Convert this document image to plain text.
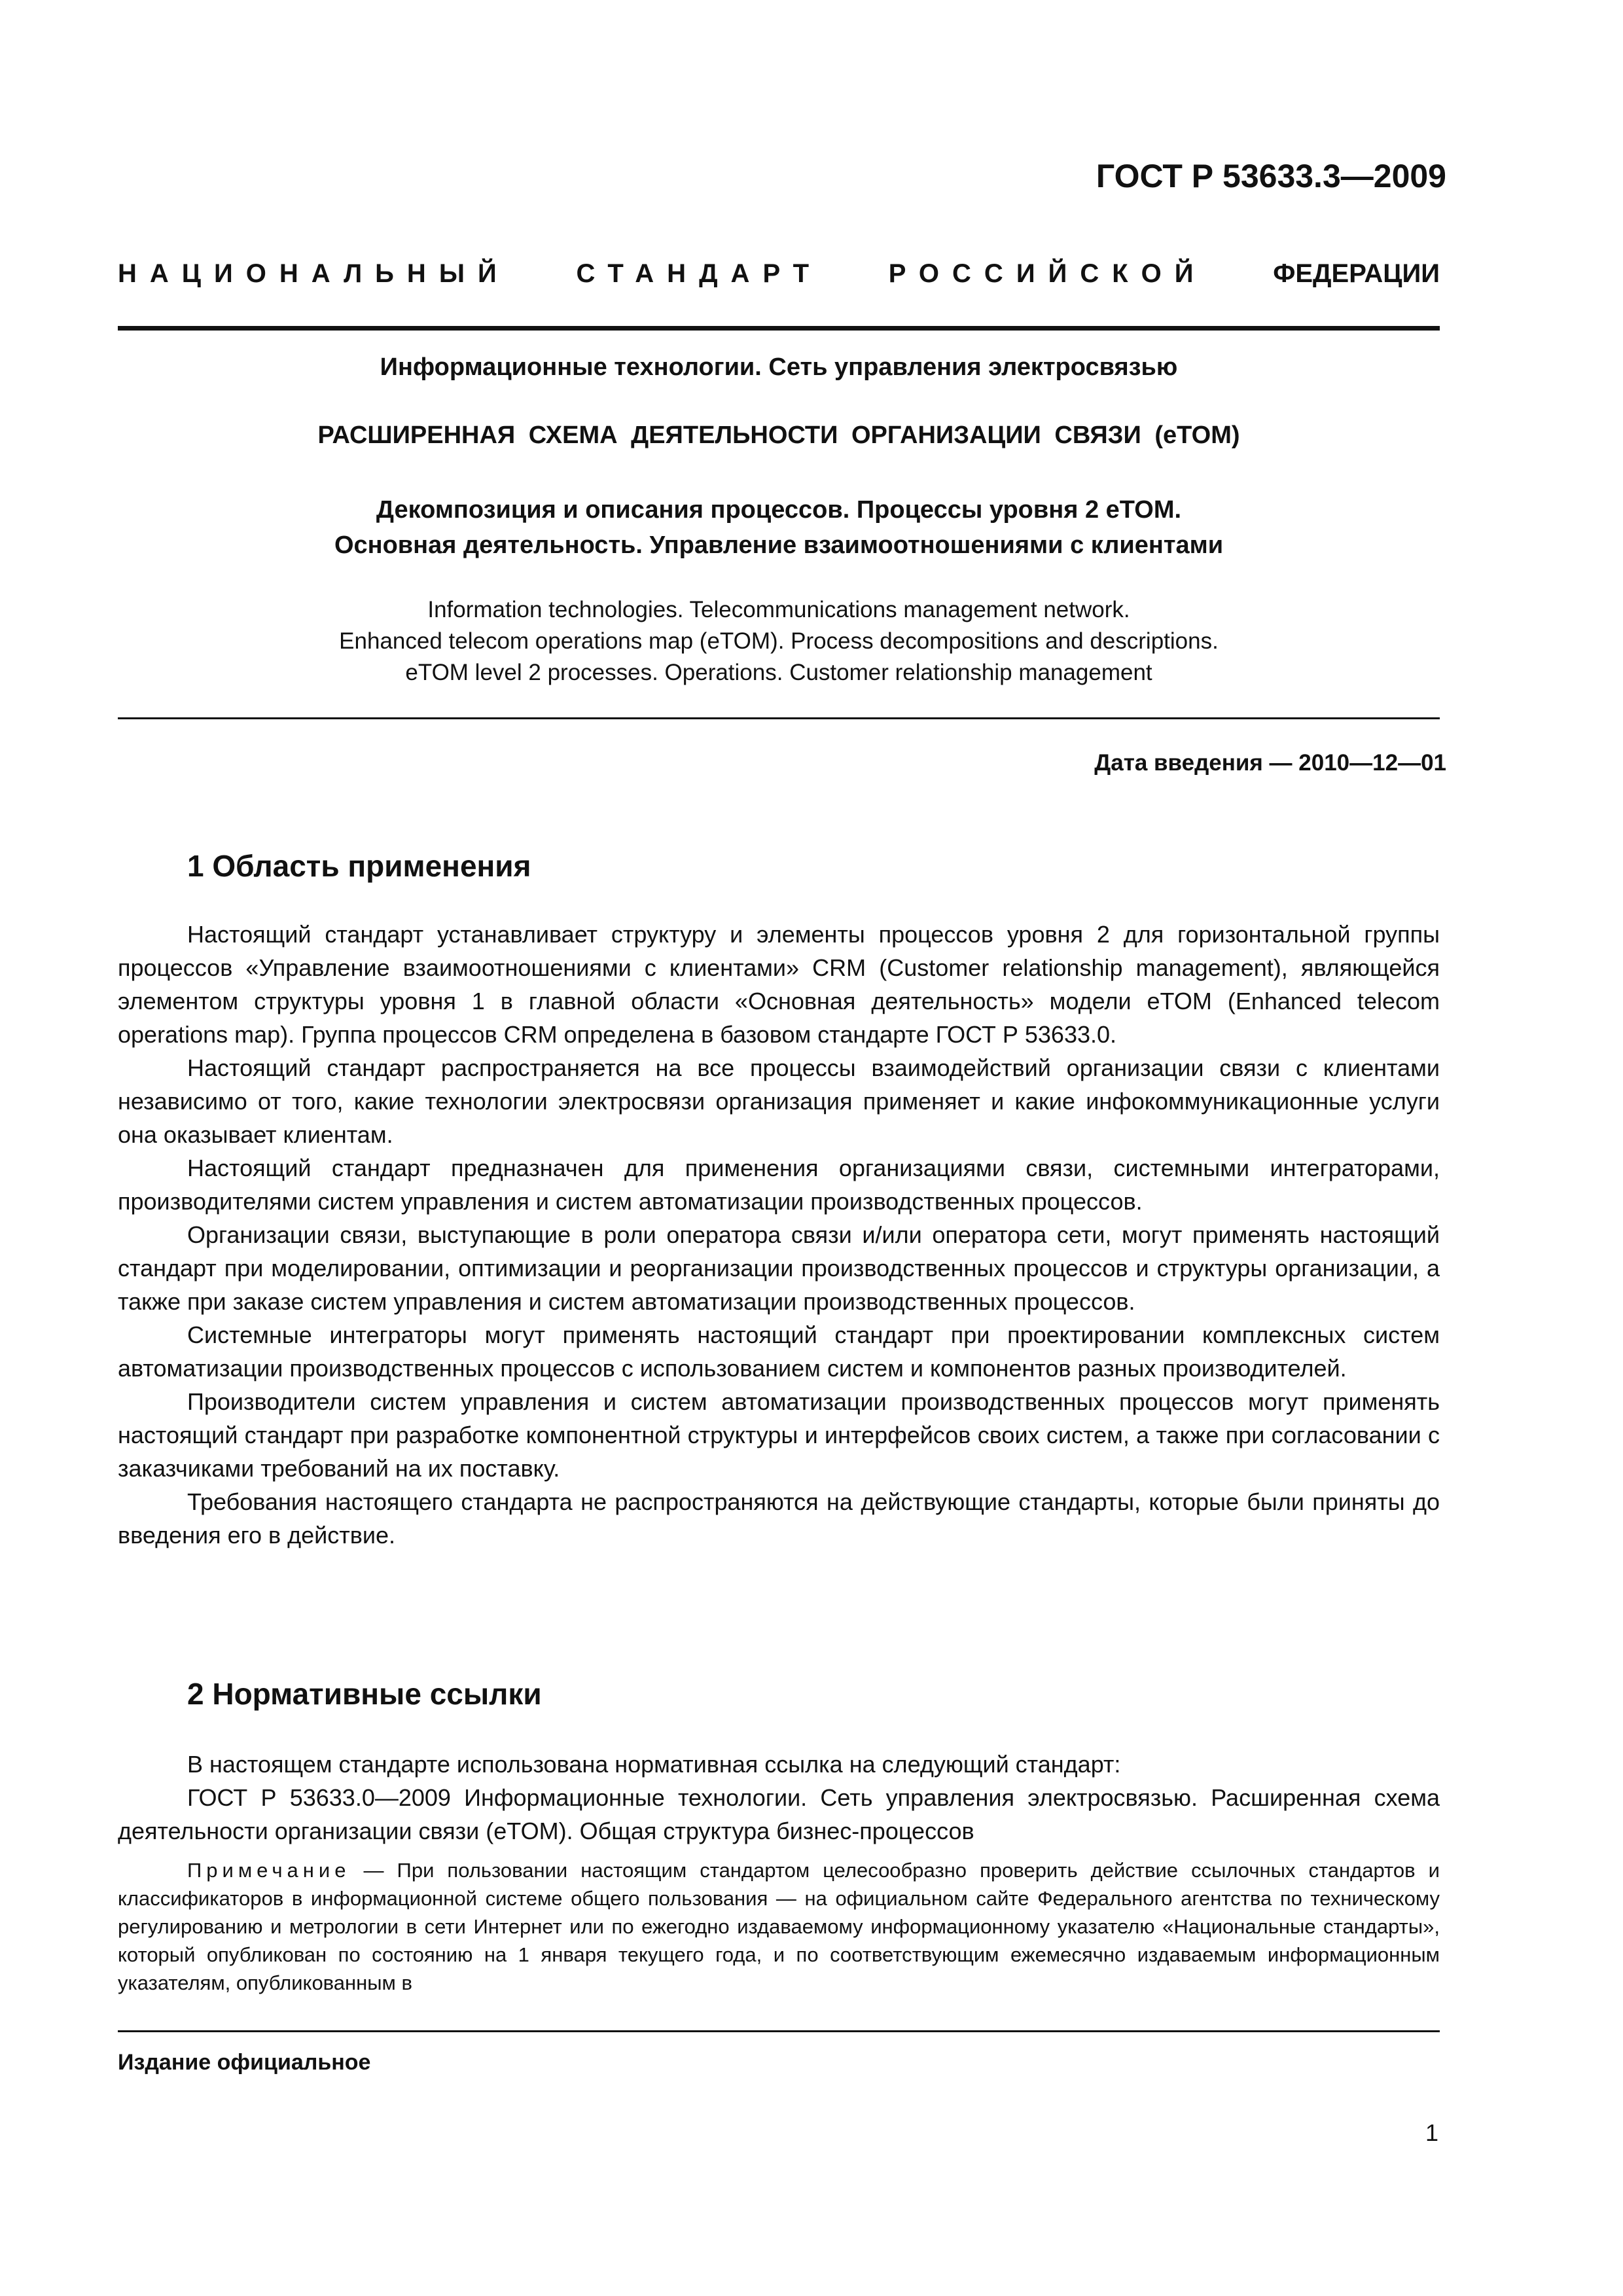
ГОСТ Р 53633.3—2009
НАЦИОНАЛЬНЫЙ	СТАНДАРТ	РОССИЙСКОЙ	ФЕДЕРАЦИИ
Информационные технологии. Сеть управления электросвязью
РАСШИРЕННАЯ СХЕМА ДЕЯТЕЛЬНОСТИ ОРГАНИЗАЦИИ СВЯЗИ (eTOM)
Декомпозиция и описания процессов. Процессы уровня 2 eTOM.
Основная деятельность. Управление взаимоотношениями с клиентами
Information technologies. Telecommunications management network.
Enhanced telecom operations map (eTOM). Process decompositions and descriptions.
eTOM level 2 processes. Operations. Customer relationship management
Дата введения — 2010—12—01
1 Область применения

Настоящий стандарт устанавливает структуру и элементы процессов уровня 2 для горизонтальной группы процессов «Управление взаимоотношениями с клиентами» CRM (Customer relationship management), являющейся элементом структуры уровня 1 в главной области «Основная деятельность» модели eTOM (Enhanced telecom operations map). Группа процессов CRM определена в базовом стандарте ГОСТ Р 53633.0.

Настоящий стандарт распространяется на все процессы взаимодействий организации связи с клиентами независимо от того, какие технологии электросвязи организация применяет и какие инфокоммуникационные услуги она оказывает клиентам.

Настоящий стандарт предназначен для применения организациями связи, системными интеграторами, производителями систем управления и систем автоматизации производственных процессов.

Организации связи, выступающие в роли оператора связи и/или оператора сети, могут применять настоящий стандарт при моделировании, оптимизации и реорганизации производственных процессов и структуры организации, а также при заказе систем управления и систем автоматизации производственных процессов.

Системные интеграторы могут применять настоящий стандарт при проектировании комплексных систем автоматизации производственных процессов с использованием систем и компонентов разных производителей.

Производители систем управления и систем автоматизации производственных процессов могут применять настоящий стандарт при разработке компонентной структуры и интерфейсов своих систем, а также при согласовании с заказчиками требований на их поставку.

Требования настоящего стандарта не распространяются на действующие стандарты, которые были приняты до введения его в действие.

2 Нормативные ссылки

В настоящем стандарте использована нормативная ссылка на следующий стандарт:

ГОСТ Р 53633.0—2009 Информационные технологии. Сеть управления электросвязью. Расширенная схема деятельности организации связи (eTOM). Общая структура бизнес-процессов

Примечание — При пользовании настоящим стандартом целесообразно проверить действие ссылочных стандартов и классификаторов в информационной системе общего пользования — на официальном сайте Федерального агентства по техническому регулированию и метрологии в сети Интернет или по ежегодно издаваемому информационному указателю «Национальные стандарты», который опубликован по состоянию на 1 января текущего года, и по соответствующим ежемесячно издаваемым информационным указателям, опубликованным в
Издание официальное
1
